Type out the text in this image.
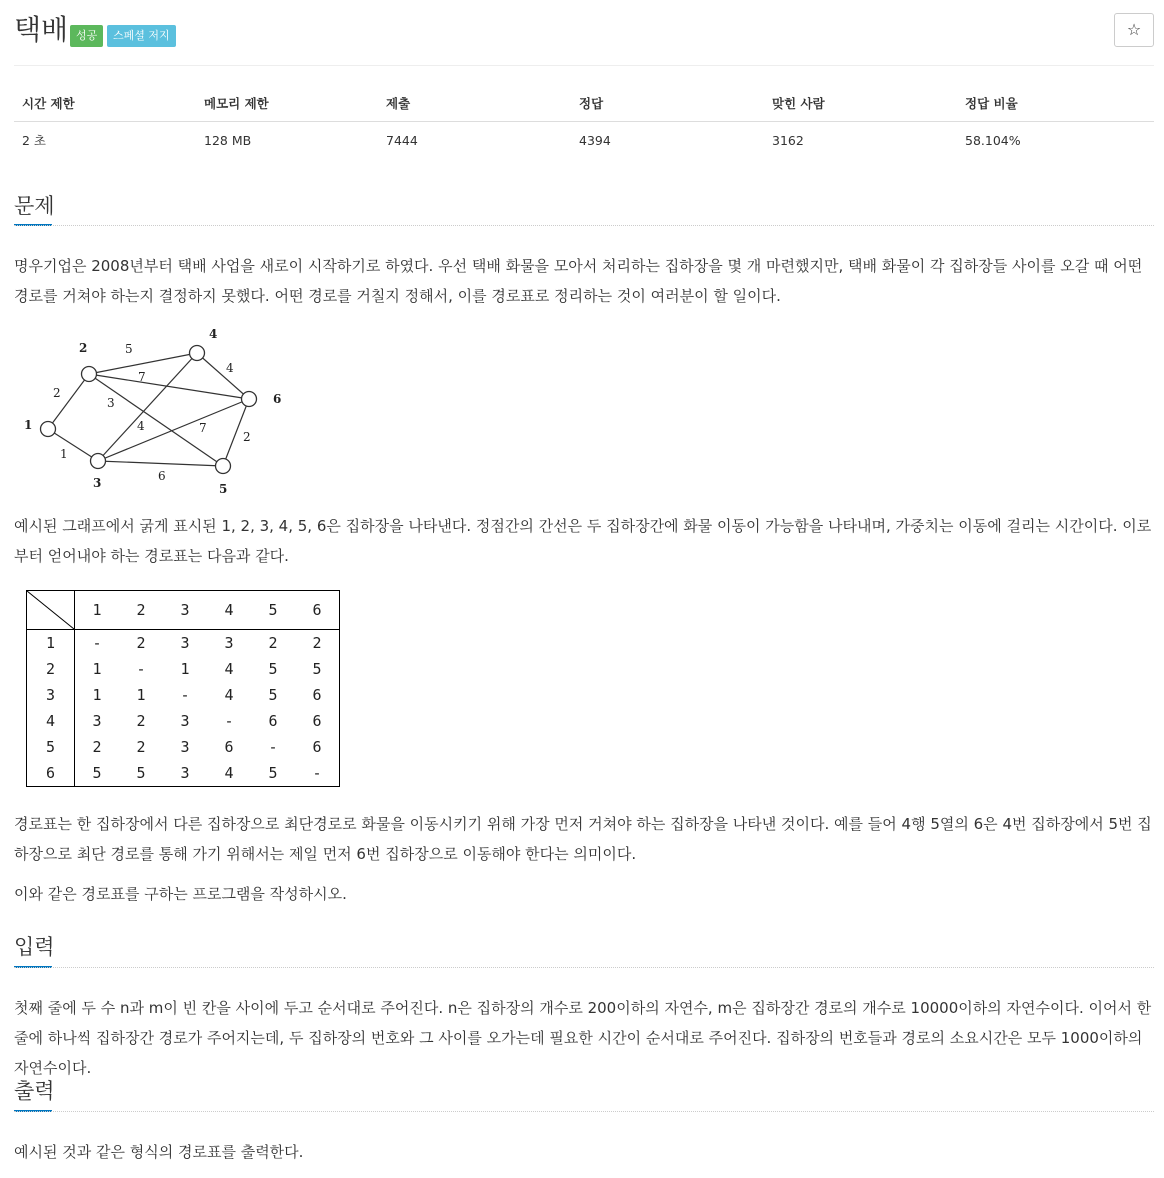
택배 성공	스페셜 저지	☆
시간 제한	메모리 제한	제출	정답	맞힌 사람	정답 비율
2 초	128 MB	7444	4394	3162	58.104%
문제
명우기업은 2008년부터 택배 사업을 새로이 시작하기로 하였다. 우선 택배 화물을 모아서 처리하는 집하장을 몇 개 마련했지만, 택배 화물이 각 집하장들 사이를 오갈 때 어떤 경로를 거쳐야 하는지 결정하지 못했다. 어떤 경로를 거칠지 정해서, 이를 경로표로 정리하는 것이 여러분이 할 일이다.
1
2
3
4
5
6
2
1
5
7
3
4	7
6
4
2
예시된 그래프에서 굵게 표시된 1, 2, 3, 4, 5, 6은 집하장을 나타낸다. 정점간의 간선은 두 집하장간에 화물 이동이 가능함을 나타내며, 가중치는 이동에 걸리는 시간이다. 이로부터 얻어내야 하는 경로표는 다음과 같다.
	1	2	3	4	5	6
1	-	2	3	3	2	2
2	1	-	1	4	5	5
3	1	1	-	4	5	6
4	3	2	3	-	6	6
5	2	2	3	6	-	6
6	5	5	3	4	5	-
경로표는 한 집하장에서 다른 집하장으로 최단경로로 화물을 이동시키기 위해 가장 먼저 거쳐야 하는 집하장을 나타낸 것이다. 예를 들어 4행 5열의 6은 4번 집하장에서 5번 집하장으로 최단 경로를 통해 가기 위해서는 제일 먼저 6번 집하장으로 이동해야 한다는 의미이다.
이와 같은 경로표를 구하는 프로그램을 작성하시오.
입력
첫째 줄에 두 수 n과 m이 빈 칸을 사이에 두고 순서대로 주어진다. n은 집하장의 개수로 200이하의 자연수, m은 집하장간 경로의 개수로 10000이하의 자연수이다. 이어서 한 줄에 하나씩 집하장간 경로가 주어지는데, 두 집하장의 번호와 그 사이를 오가는데 필요한 시간이 순서대로 주어진다. 집하장의 번호들과 경로의 소요시간은 모두 1000이하의 자연수이다.
출력
예시된 것과 같은 형식의 경로표를 출력한다.
